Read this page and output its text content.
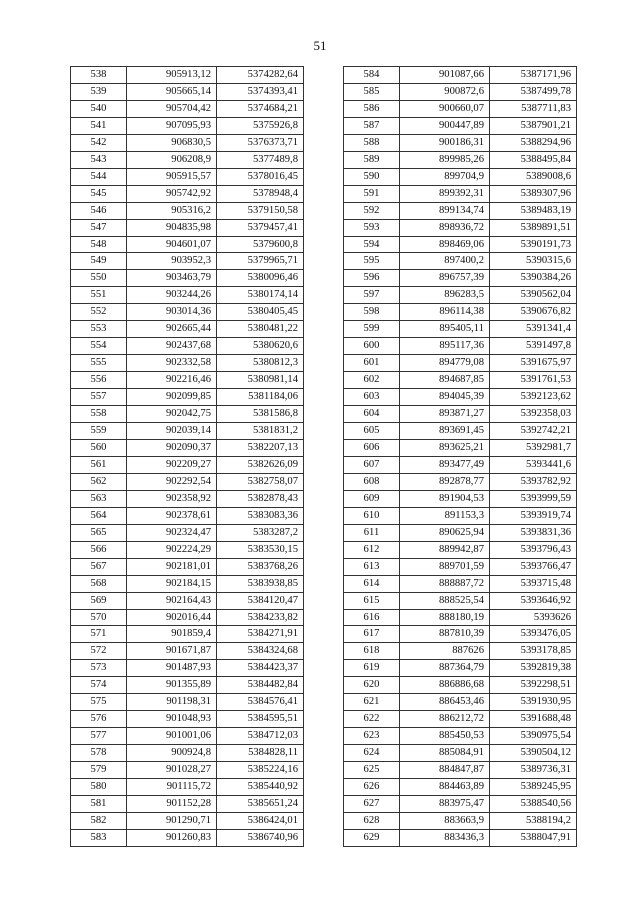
51
538	905913,12	5374282,64
539	905665,14	5374393,41
540	905704,42	5374684,21
541	907095,93	5375926,8
542	906830,5	5376373,71
543	906208,9	5377489,8
544	905915,57	5378016,45
545	905742,92	5378948,4
546	905316,2	5379150,58
547	904835,98	5379457,41
548	904601,07	5379600,8
549	903952,3	5379965,71
550	903463,79	5380096,46
551	903244,26	5380174,14
552	903014,36	5380405,45
553	902665,44	5380481,22
554	902437,68	5380620,6
555	902332,58	5380812,3
556	902216,46	5380981,14
557	902099,85	5381184,06
558	902042,75	5381586,8
559	902039,14	5381831,2
560	902090,37	5382207,13
561	902209,27	5382626,09
562	902292,54	5382758,07
563	902358,92	5382878,43
564	902378,61	5383083,36
565	902324,47	5383287,2
566	902224,29	5383530,15
567	902181,01	5383768,26
568	902184,15	5383938,85
569	902164,43	5384120,47
570	902016,44	5384233,82
571	901859,4	5384271,91
572	901671,87	5384324,68
573	901487,93	5384423,37
574	901355,89	5384482,84
575	901198,31	5384576,41
576	901048,93	5384595,51
577	901001,06	5384712,03
578	900924,8	5384828,11
579	901028,27	5385224,16
580	901115,72	5385440,92
581	901152,28	5385651,24
582	901290,71	5386424,01
583	901260,83	5386740,96
584	901087,66	5387171,96
585	900872,6	5387499,78
586	900660,07	5387711,83
587	900447,89	5387901,21
588	900186,31	5388294,96
589	899985,26	5388495,84
590	899704,9	5389008,6
591	899392,31	5389307,96
592	899134,74	5389483,19
593	898936,72	5389891,51
594	898469,06	5390191,73
595	897400,2	5390315,6
596	896757,39	5390384,26
597	896283,5	5390562,04
598	896114,38	5390676,82
599	895405,11	5391341,4
600	895117,36	5391497,8
601	894779,08	5391675,97
602	894687,85	5391761,53
603	894045,39	5392123,62
604	893871,27	5392358,03
605	893691,45	5392742,21
606	893625,21	5392981,7
607	893477,49	5393441,6
608	892878,77	5393782,92
609	891904,53	5393999,59
610	891153,3	5393919,74
611	890625,94	5393831,36
612	889942,87	5393796,43
613	889701,59	5393766,47
614	888887,72	5393715,48
615	888525,54	5393646,92
616	888180,19	5393626
617	887810,39	5393476,05
618	887626	5393178,85
619	887364,79	5392819,38
620	886886,68	5392298,51
621	886453,46	5391930,95
622	886212,72	5391688,48
623	885450,53	5390975,54
624	885084,91	5390504,12
625	884847,87	5389736,31
626	884463,89	5389245,95
627	883975,47	5388540,56
628	883663,9	5388194,2
629	883436,3	5388047,91
